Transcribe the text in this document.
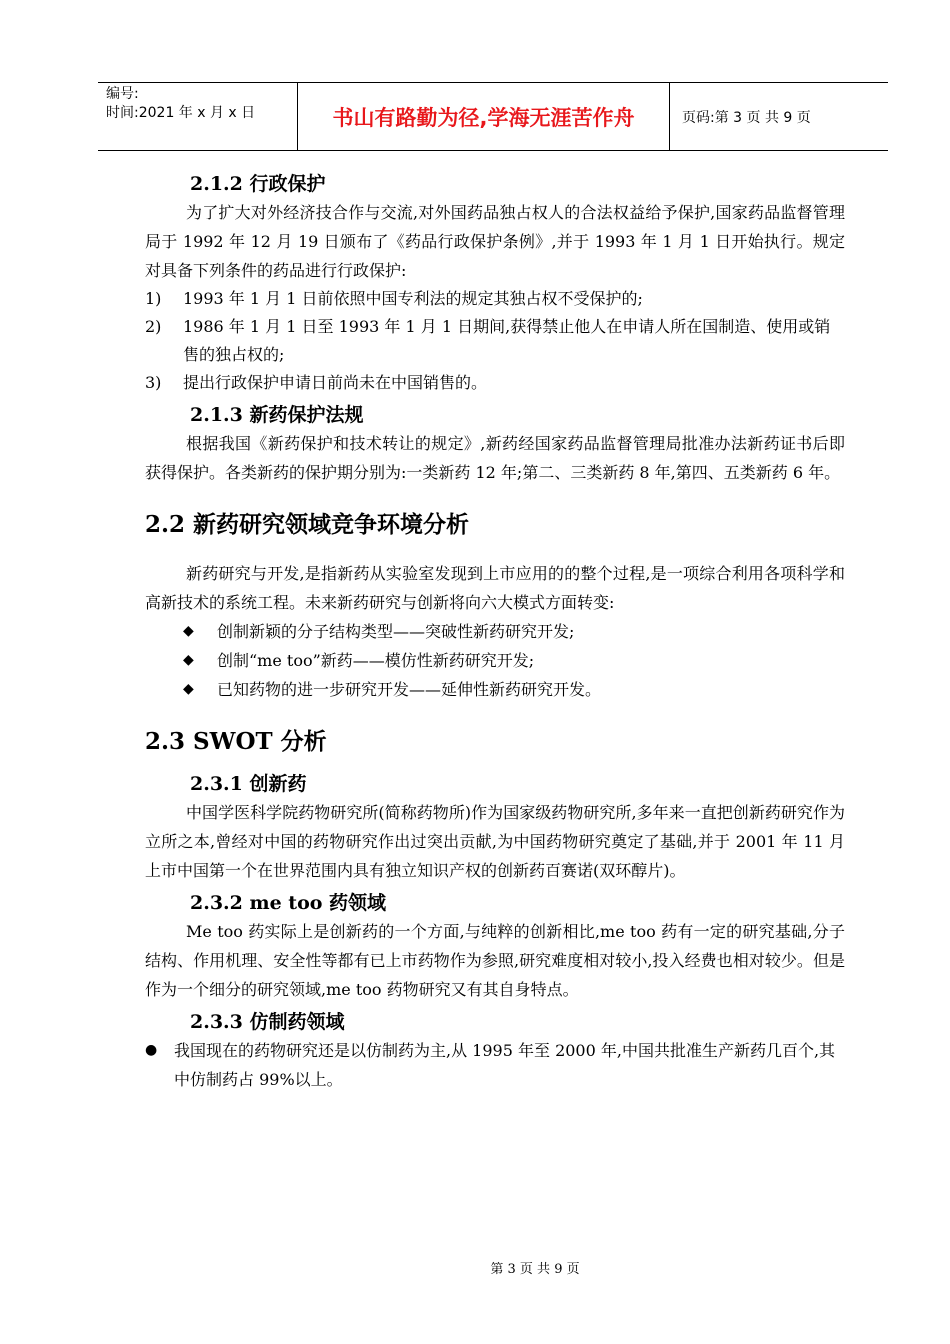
编号:
时间:2021 年 x 月 x 日	书山有路勤为径,学海无涯苦作舟	页码:第 3 页 共 9 页
2.1.2 行政保护

为了扩大对外经济技合作与交流,对外国药品独占权人的合法权益给予保护,国家药品监督管理局于 1992 年 12 月 19 日颁布了《药品行政保护条例》,并于 1993 年 1 月 1 日开始执行。规定对具备下列条件的药品进行行政保护:

1) 1993 年 1 月 1 日前依照中国专利法的规定其独占权不受保护的;
2) 1986 年 1 月 1 日至 1993 年 1 月 1 日期间,获得禁止他人在申请人所在国制造、使用或销售的独占权的;
3) 提出行政保护申请日前尚未在中国销售的。
2.1.3 新药保护法规

根据我国《新药保护和技术转让的规定》,新药经国家药品监督管理局批准办法新药证书后即获得保护。各类新药的保护期分别为:一类新药 12 年;第二、三类新药 8 年,第四、五类新药 6 年。

2.2 新药研究领域竞争环境分析

新药研究与开发,是指新药从实验室发现到上市应用的的整个过程,是一项综合利用各项科学和高新技术的系统工程。未来新药研究与创新将向六大模式方面转变:

◆ 创制新颖的分子结构类型——突破性新药研究开发;
◆ 创制“me too”新药——模仿性新药研究开发;
◆ 已知药物的进一步研究开发——延伸性新药研究开发。
2.3 SWOT 分析
2.3.1 创新药

中国学医科学院药物研究所(简称药物所)作为国家级药物研究所,多年来一直把创新药研究作为立所之本,曾经对中国的药物研究作出过突出贡献,为中国药物研究奠定了基础,并于 2001 年 11 月上市中国第一个在世界范围内具有独立知识产权的创新药百赛诺(双环醇片)。

2.3.2 me too 药领域

Me too 药实际上是创新药的一个方面,与纯粹的创新相比,me too 药有一定的研究基础,分子结构、作用机理、安全性等都有已上市药物作为参照,研究难度相对较小,投入经费也相对较少。但是作为一个细分的研究领域,me too 药物研究又有其自身特点。

2.3.3 仿制药领域
● 我国现在的药物研究还是以仿制药为主,从 1995 年至 2000 年,中国共批准生产新药几百个,其中仿制药占 99%以上。
第 3 页 共 9 页
